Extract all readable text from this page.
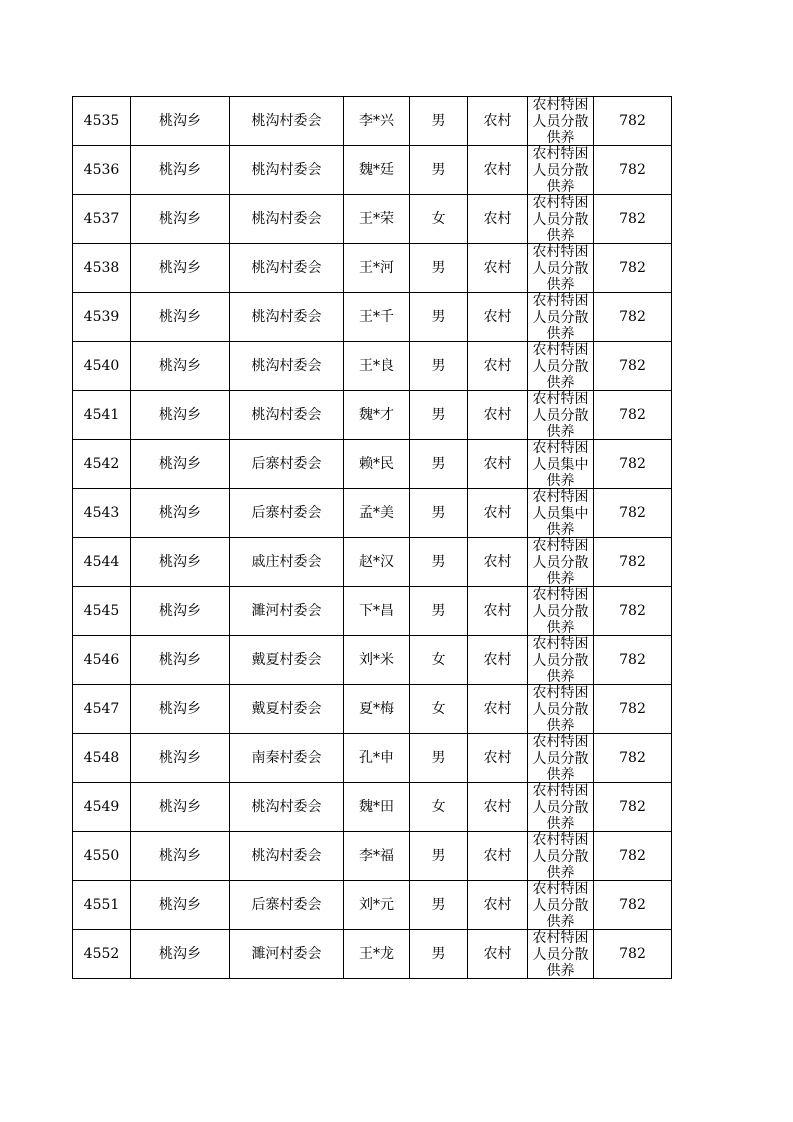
4535	桃沟乡	桃沟村委会	李*兴	男	农村	农村特困人员分散供养	782
4536	桃沟乡	桃沟村委会	魏*廷	男	农村	农村特困人员分散供养	782
4537	桃沟乡	桃沟村委会	王*荣	女	农村	农村特困人员分散供养	782
4538	桃沟乡	桃沟村委会	王*河	男	农村	农村特困人员分散供养	782
4539	桃沟乡	桃沟村委会	王*千	男	农村	农村特困人员分散供养	782
4540	桃沟乡	桃沟村委会	王*良	男	农村	农村特困人员分散供养	782
4541	桃沟乡	桃沟村委会	魏*才	男	农村	农村特困人员分散供养	782
4542	桃沟乡	后寨村委会	赖*民	男	农村	农村特困人员集中供养	782
4543	桃沟乡	后寨村委会	孟*美	男	农村	农村特困人员集中供养	782
4544	桃沟乡	戚庄村委会	赵*汉	男	农村	农村特困人员分散供养	782
4545	桃沟乡	濉河村委会	下*昌	男	农村	农村特困人员分散供养	782
4546	桃沟乡	戴夏村委会	刘*米	女	农村	农村特困人员分散供养	782
4547	桃沟乡	戴夏村委会	夏*梅	女	农村	农村特困人员分散供养	782
4548	桃沟乡	南秦村委会	孔*申	男	农村	农村特困人员分散供养	782
4549	桃沟乡	桃沟村委会	魏*田	女	农村	农村特困人员分散供养	782
4550	桃沟乡	桃沟村委会	李*福	男	农村	农村特困人员分散供养	782
4551	桃沟乡	后寨村委会	刘*元	男	农村	农村特困人员分散供养	782
4552	桃沟乡	濉河村委会	王*龙	男	农村	农村特困人员分散供养	782
